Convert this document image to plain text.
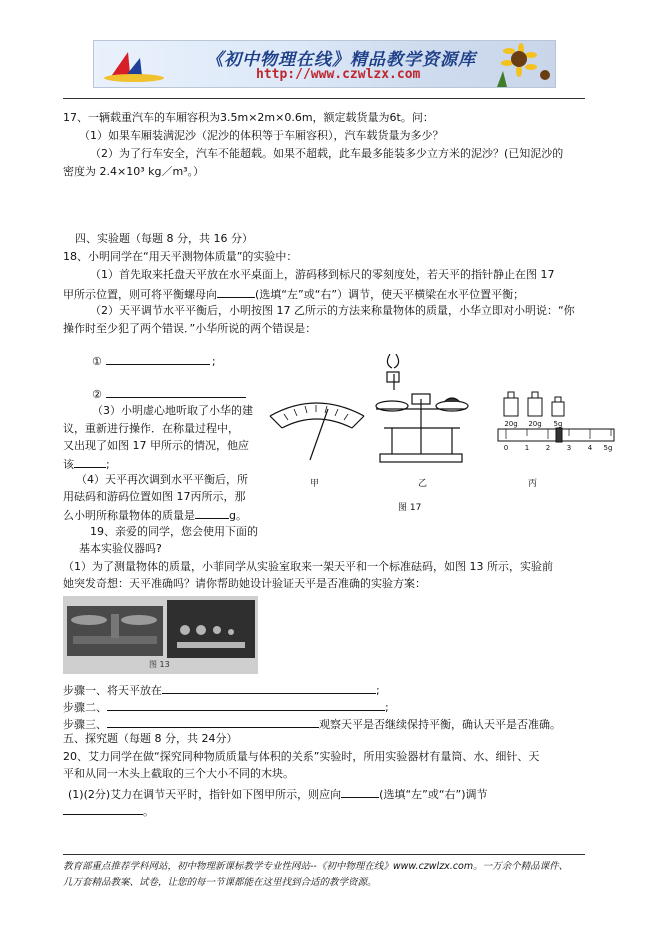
《初中物理在线》精品教学资源库
http://www.czwlzx.com
17、一辆载重汽车的车厢容积为3.5m×2m×0.6m，额定载货量为6t。问：
（1）如果车厢装满泥沙（泥沙的体积等于车厢容积），汽车载货量为多少？
（2）为了行车安全，汽车不能超载。如果不超载，此车最多能装多少立方米的泥沙？(已知泥沙的
密度为 2.4×10³ kg／m³。）
四、实验题（每题 8 分，共 16 分）
18、小明同学在“用天平测物体质量”的实验中：
（1）首先取来托盘天平放在水平桌面上，游码移到标尺的零刻度处，若天平的指针静止在图 17
甲所示位置，则可将平衡螺母向	(选填“左”或“右”）调节，使天平横梁在水平位置平衡；
（2）天平调节水平平衡后，小明按图 17 乙所示的方法来称量物体的质量，小华立即对小明说：“你
操作时至少犯了两个错误．”小华所说的两个错误是：
①	;
②
（3）小明虚心地听取了小华的建
议，重新进行操作．在称量过程中，
又出现了如图 17 甲所示的情况，他应
该	;
（4）天平再次调到水平平衡后，所
用砝码和游码位置如图 17丙所示，那
么小明所称量物体的质量是	g。
20g 20g 5g
0 1 2 3 4 5g
甲	乙	丙
图 17
19、亲爱的同学，您会使用下面的
基本实验仪器吗?
（1）为了测量物体的质量，小菲同学从实验室取来一架天平和一个标准砝码，如图 13 所示，实验前
她突发奇想：天平准确吗？请你帮助她设计验证天平是否准确的实验方案：
图 13
步骤一、将天平放在	;
步骤二、	;
步骤三、	观察天平是否继续保持平衡，确认天平是否准确。
五、探究题（每题 8 分，共 24分）
20、艾力同学在做“探究同种物质质量与体积的关系”实验时，所用实验器材有量筒、水、细针、天
平和从同一木头上截取的三个大小不同的木块。
(1)(2分)艾力在调节天平时，指针如下图甲所示，则应向	(选填“左”或“右”)调节
。
教育部重点推荐学科网站，初中物理新课标教学专业性网站--《初中物理在线》www.czwlzx.com。一万余个精品课件、
几万套精品教案、试卷，让您的每一节课都能在这里找到合适的教学资源。
